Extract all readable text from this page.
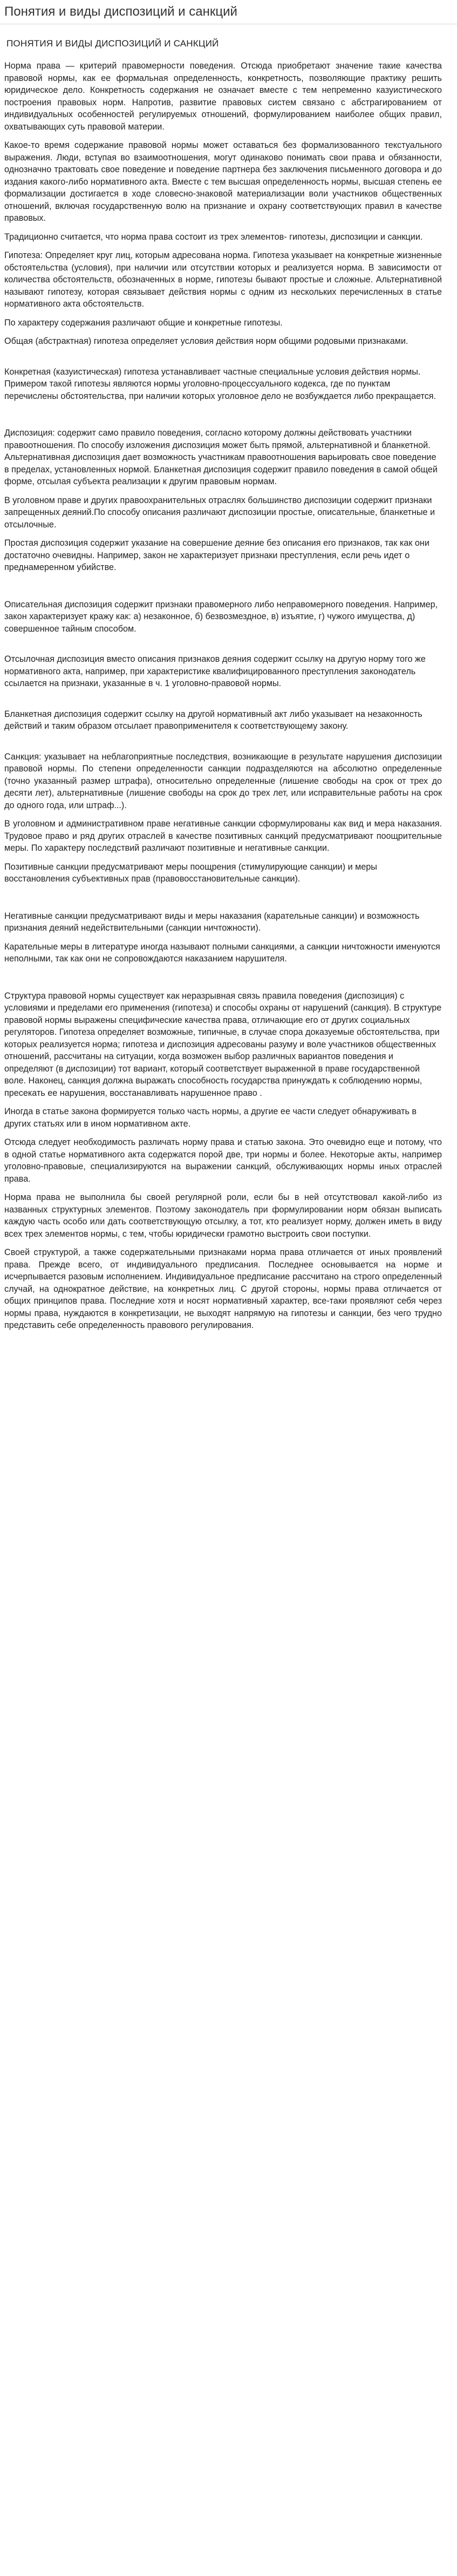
Понятия и виды диспозиций и санкций
ПОНЯТИЯ И ВИДЫ ДИСПОЗИЦИЙ И САНКЦИЙ

Норма права — критерий правомерности поведения. Отсюда приобретают значение такие качества правовой нормы, как ее формальная определенность, конкретность, позволяющие практику решить юридическое дело. Конкретность содержания не означает вместе с тем непременно казуистического построения правовых норм. Напротив, развитие правовых систем связано с абстрагированием от индивидуальных особенностей регулируемых отношений, формулированием наиболее общих правил, охватывающих суть правовой материи.

Какое-то время содержание правовой нормы может оставаться без формализованного текстуального выражения. Люди, вступая во взаимоотношения, могут одинаково понимать свои права и обязанности, однозначно трактовать свое поведение и поведение партнера без заключения письменного договора и до издания какого-либо нормативного акта. Вместе с тем высшая определенность нормы, высшая степень ее формализации достигается в ходе словесно-знаковой материализации воли участников общественных отношений, включая государственную волю на признание и охрану соответствующих правил в качестве правовых.

Традиционно считается, что норма права состоит из трех элементов- гипотезы, диспозиции и санкции.

Гипотеза: Определяет круг лиц, которым адресована норма. Гипотеза указывает на конкретные жизненные обстоятельства (условия), при наличии или отсутствии которых и реализуется норма. В зависимости от количества обстоятельств, обозначенных в норме, гипотезы бывают простые и сложные. Альтернативной называют гипотезу, которая связывает действия нормы с одним из нескольких перечисленных в статье нормативного акта обстоятельств.

По характеру содержания различают общие и конкретные гипотезы.

Общая (абстрактная) гипотеза определяет условия действия норм общими родовыми признаками.

Конкретная (казуистическая) гипотеза устанавливает частные специальные условия действия нормы. Примером такой гипотезы являются нормы уголовно-процессуального кодекса, где по пунктам перечислены обстоятельства, при наличии которых уголовное дело не возбуждается либо прекращается.

Диспозиция: содержит само правило поведения, согласно которому должны действовать участники правоотношения. По способу изложения диспозиция может быть прямой, альтернативной и бланкетной. Альтернативная диспозиция дает возможность участникам правоотношения варьировать свое поведение в пределах, установленных нормой. Бланкетная диспозиция содержит правило поведения в самой общей форме, отсылая субъекта реализации к другим правовым нормам.

В уголовном праве и других правоохранительных отраслях большинство диспозиции содержит признаки запрещенных деяний.По способу описания различают диспозиции простые, описательные, бланкетные и отсылочные.

Простая диспозиция содержит указание на совершение деяние без описания его признаков, так как они достаточно очевидны. Например, закон не характеризует признаки преступления, если речь идет о преднамеренном убийстве.

Описательная диспозиция содержит признаки правомерного либо неправомерного поведения. Например, закон характеризует кражу как: а) незаконное, б) безвозмездное, в) изъятие, г) чужого имущества, д) совершенное тайным способом.

Отсылочная диспозиция вместо описания признаков деяния содержит ссылку на другую норму того же нормативного акта, например, при характеристике квалифицированного преступления законодатель ссылается на признаки, указанные в ч. 1 уголовно-правовой нормы.

Бланкетная диспозиция содержит ссылку на другой нормативный акт либо указывает на незаконность действий и таким образом отсылает правоприменителя к соответствующему закону.

Санкция: указывает на неблагоприятные последствия, возникающие в результате нарушения диспозиции правовой нормы. По степени определенности санкции подразделяются на абсолютно определенные (точно указанный размер штрафа), относительно определенные (лишение свободы на срок от трех до десяти лет), альтернативные (лишение свободы на срок до трех лет, или исправительные работы на срок до одного года, или штраф...).

В уголовном и административном праве негативные санкции сформулированы как вид и мера наказания. Трудовое право и ряд других отраслей в качестве позитивных санкций предусматривают поощрительные меры. По характеру последствий различают позитивные и негативные санкции.

Позитивные санкции предусматривают меры поощрения (стимулирующие санкции) и меры восстановления субъективных прав (правовосстановительные санкции).

Негативные санкции предусматривают виды и меры наказания (карательные санкции) и возможность признания деяний недействительными (санкции ничтожности).

Карательные меры в литературе иногда называют полными санкциями, а санкции ничтожности именуются неполными, так как они не сопровождаются наказанием нарушителя.

Структура правовой нормы существует как неразрывная связь правила поведения (диспозиция) с условиями и пределами его применения (гипотеза) и способы охраны от нарушений (санкция). В структуре правовой нормы выражены специфические качества права, отличающие его от других социальных регуляторов. Гипотеза определяет возможные, типичные, в случае спора доказуемые обстоятельства, при которых реализуется норма; гипотеза и диспозиция адресованы разуму и воле участников общественных отношений, рассчитаны на ситуации, когда возможен выбор различных вариантов поведения и определяют (в диспозиции) тот вариант, который соответствует выраженной в праве государственной воле. Наконец, санкция должна выражать способность государства принуждать к соблюдению нормы, пресекать ее нарушения, восстанавливать нарушенное право .

Иногда в статье закона формируется только часть нормы, а другие ее части следует обнаруживать в других статьях или в ином нормативном акте.

Отсюда следует необходимость различать норму права и статью закона. Это очевидно еще и потому, что в одной статье нормативного акта содержатся порой две, три нормы и более. Некоторые акты, например уголовно-правовые, специализируются на выражении санкций, обслуживающих нормы иных отраслей права.

Норма права не выполнила бы своей регулярной роли, если бы в ней отсутствовал какой-либо из названных структурных элементов. Поэтому законодатель при формулировании норм обязан выписать каждую часть особо или дать соответствующую отсылку, а тот, кто реализует норму, должен иметь в виду всех трех элементов нормы, с тем, чтобы юридически грамотно выстроить свои поступки.

Своей структурой, а также содержательными признаками норма права отличается от иных проявлений права. Прежде всего, от индивидуального предписания. Последнее основывается на норме и исчерпывается разовым исполнением. Индивидуальное предписание рассчитано на строго определенный случай, на однократное действие, на конкретных лиц. С другой стороны, нормы права отличается от общих принципов права. Последние хотя и носят нормативный характер, все-таки проявляют себя через нормы права, нуждаются в конкретизации, не выходят напрямую на гипотезы и санкции, без чего трудно представить себе определенность правового регулирования.
